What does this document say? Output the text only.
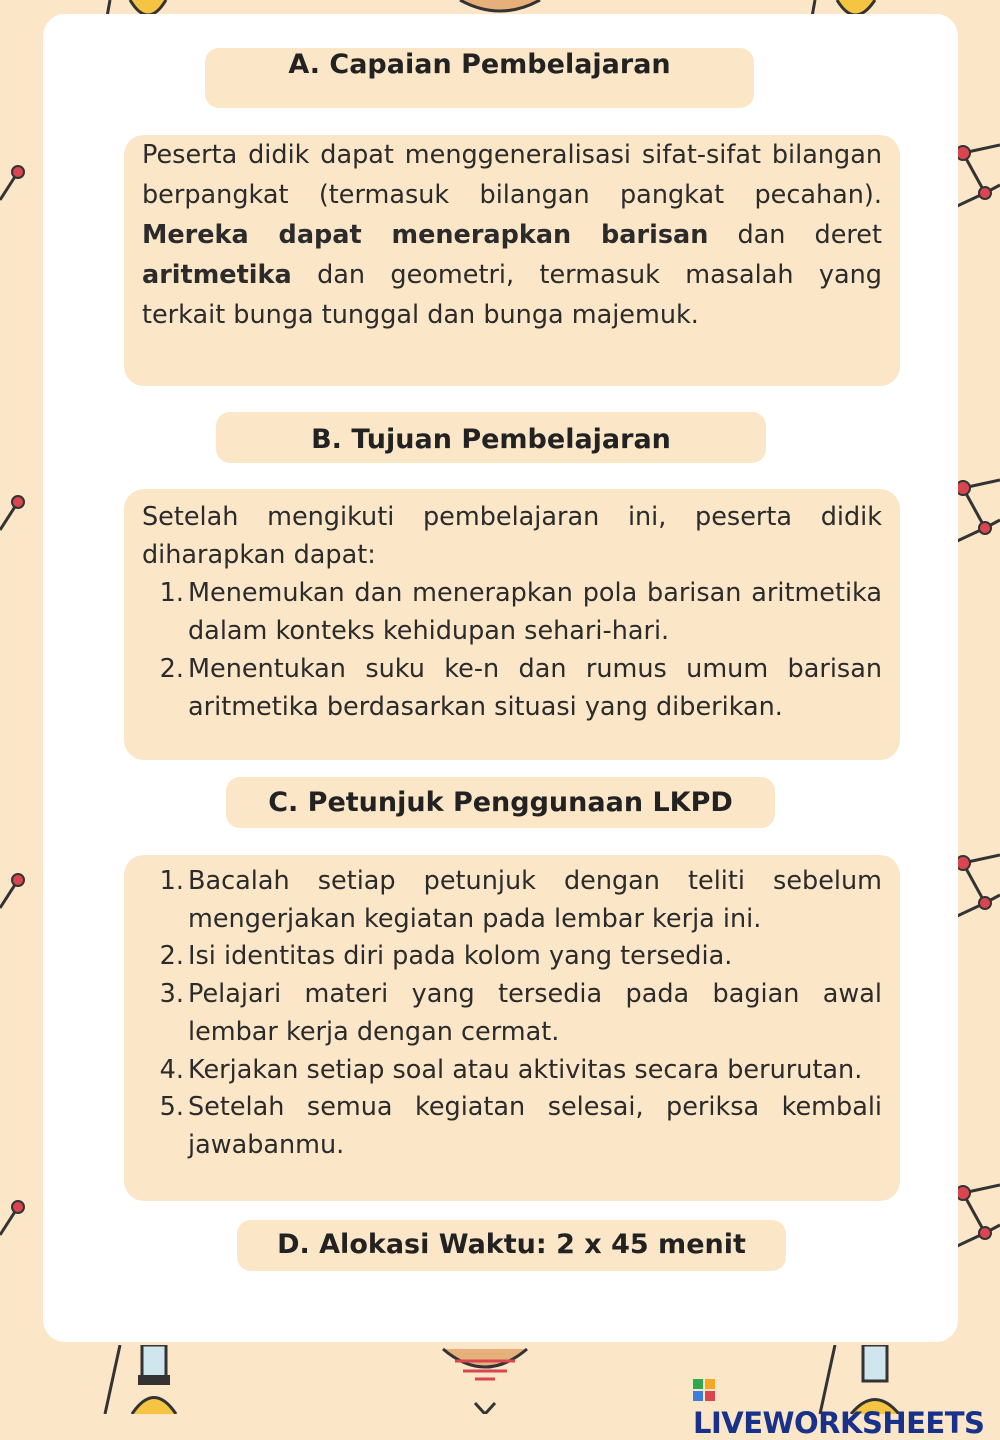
A. Capaian Pembelajaran
Peserta didik dapat menggeneralisasi sifat-sifat bilangan berpangkat (termasuk bilangan pangkat pecahan). Mereka dapat menerapkan barisan dan deret aritmetika dan geometri, termasuk masalah yang terkait bunga tunggal dan bunga majemuk.
B. Tujuan Pembelajaran
Setelah mengikuti pembelajaran ini, peserta didik diharapkan dapat:
1. Menemukan dan menerapkan pola barisan aritmetika dalam konteks kehidupan sehari-hari.
2. Menentukan suku ke-n dan rumus umum barisan aritmetika berdasarkan situasi yang diberikan.
C. Petunjuk Penggunaan LKPD
1. Bacalah setiap petunjuk dengan teliti sebelum mengerjakan kegiatan pada lembar kerja ini.
2. Isi identitas diri pada kolom yang tersedia.
3. Pelajari materi yang tersedia pada bagian awal lembar kerja dengan cermat.
4. Kerjakan setiap soal atau aktivitas secara berurutan.
5. Setelah semua kegiatan selesai, periksa kembali jawabanmu.
D. Alokasi Waktu: 2 x 45 menit
LIVEWORKSHEETS
